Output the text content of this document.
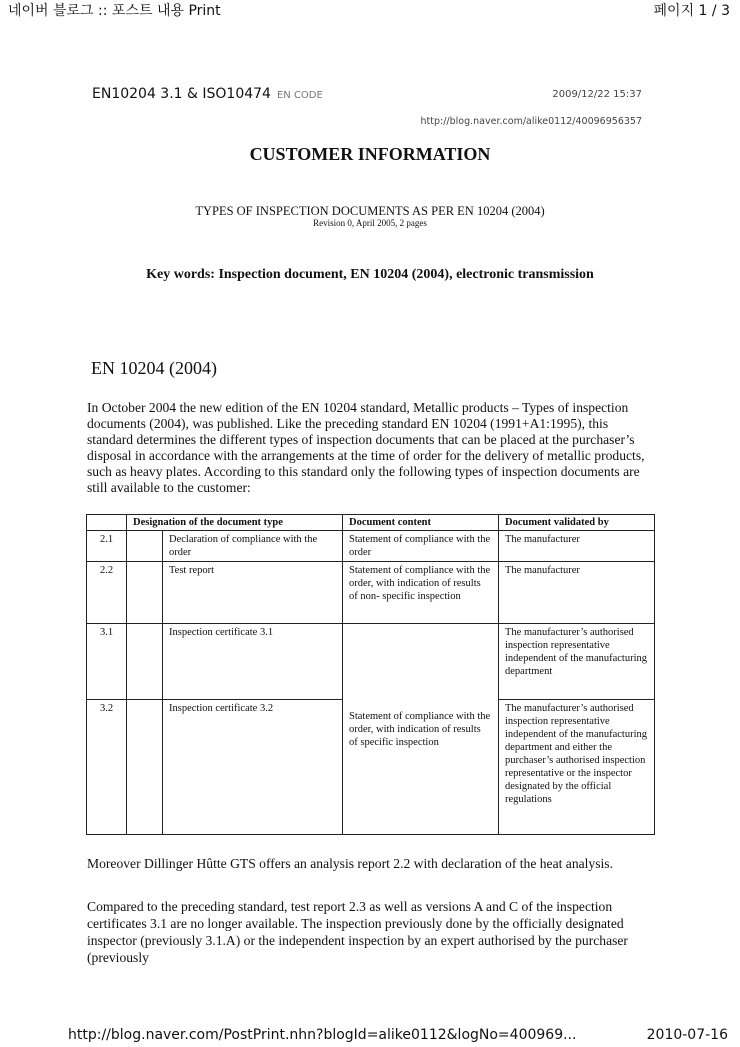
네이버 블로그 :: 포스트 내용 Print	페이지 1 / 3
EN10204 3.1 & ISO10474 EN CODE	2009/12/22 15:37
http://blog.naver.com/alike0112/40096956357
CUSTOMER INFORMATION
TYPES OF INSPECTION DOCUMENTS AS PER EN 10204 (2004)
Revision 0, April 2005, 2 pages
Key words: Inspection document, EN 10204 (2004), electronic transmission
EN 10204 (2004)
In October 2004 the new edition of the EN 10204 standard, Metallic products – Types of inspection documents (2004), was published. Like the preceding standard EN 10204 (1991+A1:1995), this standard determines the different types of inspection documents that can be placed at the purchaser’s disposal in accordance with the arrangements at the time of order for the delivery of metallic products, such as heavy plates. According to this standard only the following types of inspection documents are still available to the customer:
	Designation of the document type		Document content	Document validated by
2.1		Declaration of compliance with the order	Statement of compliance with the order	The manufacturer
2.2		Test report	Statement of compliance with the order, with indication of results of non- specific inspection	The manufacturer
3.1		Inspection certificate 3.1	Statement of compliance with the order, with indication of results of specific inspection	The manufacturer’s authorised inspection representative independent of the manufacturing department
3.2		Inspection certificate 3.2		The manufacturer’s authorised inspection representative independent of the manufacturing department and either the purchaser’s authorised inspection representative or the inspector designated by the official regulations
Moreover Dillinger Hûtte GTS offers an analysis report 2.2 with declaration of the heat analysis.
Compared to the preceding standard, test report 2.3 as well as versions A and C of the inspection certificates 3.1 are no longer available. The inspection previously done by the officially designated inspector (previously 3.1.A) or the independent inspection by an expert authorised by the purchaser (previously
http://blog.naver.com/PostPrint.nhn?blogId=alike0112&logNo=400969...	2010-07-16
